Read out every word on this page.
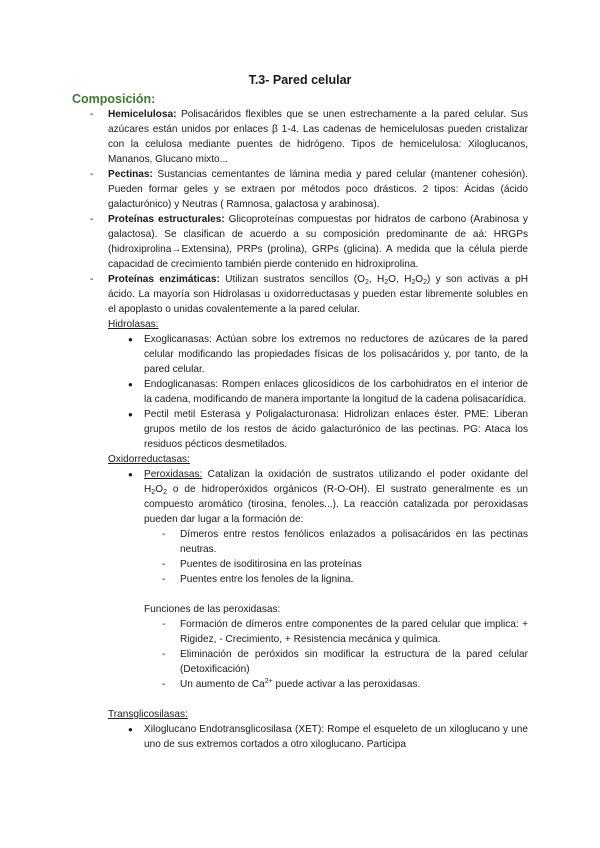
T.3- Pared celular
Composición:
- Hemicelulosa: Polisacáridos flexibles que se unen estrechamente a la pared celular. Sus azúcares están unidos por enlaces β 1-4. Las cadenas de hemicelulosas pueden cristalizar con la celulosa mediante puentes de hidrógeno. Tipos de hemicelulosa: Xiloglucanos, Mananos, Glucano mixto...
- Pectinas: Sustancias cementantes de lámina media y pared celular (mantener cohesión). Pueden formar geles y se extraen por métodos poco drásticos. 2 tipos: Ácidas (ácido galacturónico) y Neutras ( Ramnosa, galactosa y arabinosa).
- Proteínas estructurales: Glicoproteínas compuestas por hidratos de carbono (Arabinosa y galactosa). Se clasifican de acuerdo a su composición predominante de aá: HRGPs (hidroxiprolina→Extensina), PRPs (prolina), GRPs (glicina). A medida que la célula pierde capacidad de crecimiento también pierde contenido en hidroxiprolina.
- Proteínas enzimáticas: Utilizan sustratos sencillos ($O_2$, $H_2O$, $H_2O_2$) y son activas a pH ácido. La mayoría son Hidrolasas u oxidorreductasas y pueden estar libremente solubles en el apoplasto o unidas covalentemente a la pared celular.
Hidrolasas:
● Exoglicanasas: Actúan sobre los extremos no reductores de azúcares de la pared celular modificando las propiedades físicas de los polisacáridos y, por tanto, de la pared celular.
● Endoglicanasas: Rompen enlaces glicosídicos de los carbohidratos en el interior de la cadena, modificando de manera importante la longitud de la cadena polisacarídica.
● Pectil metil Esterasa y Poligalacturonasa: Hidrolizan enlaces éster. PME: Liberan grupos metilo de los restos de ácido galacturónico de las pectinas. PG: Ataca los residuos pécticos desmetilados.
Oxidorreductasas:
● Peroxidasas: Catalizan la oxidación de sustratos utilizando el poder oxidante del $H_2O_2$ o de hidroperóxidos orgánicos (R-O-OH). El sustrato generalmente es un compuesto aromático (tirosina, fenoles...). La reacción catalizada por peroxidasas pueden dar lugar a la formación de:
- Dímeros entre restos fenólicos enlazados a polisacáridos en las pectinas neutras.
- Puentes de isoditirosina en las proteínas
- Puentes entre los fenoles de la lignina.
Funciones de las peroxidasas:
- Formación de dímeros entre componentes de la pared celular que implica: + Rigidez, - Crecimiento, + Resistencia mecánica y química.
- Eliminación de peróxidos sin modificar la estructura de la pared celular (Detoxificación)
- Un aumento de $Ca^{2+}$ puede activar a las peroxidasas.
Transglicosilasas:
● Xiloglucano Endotransglicosilasa (XET): Rompe el esqueleto de un xiloglucano y une uno de sus extremos cortados a otro xiloglucano. Participa
